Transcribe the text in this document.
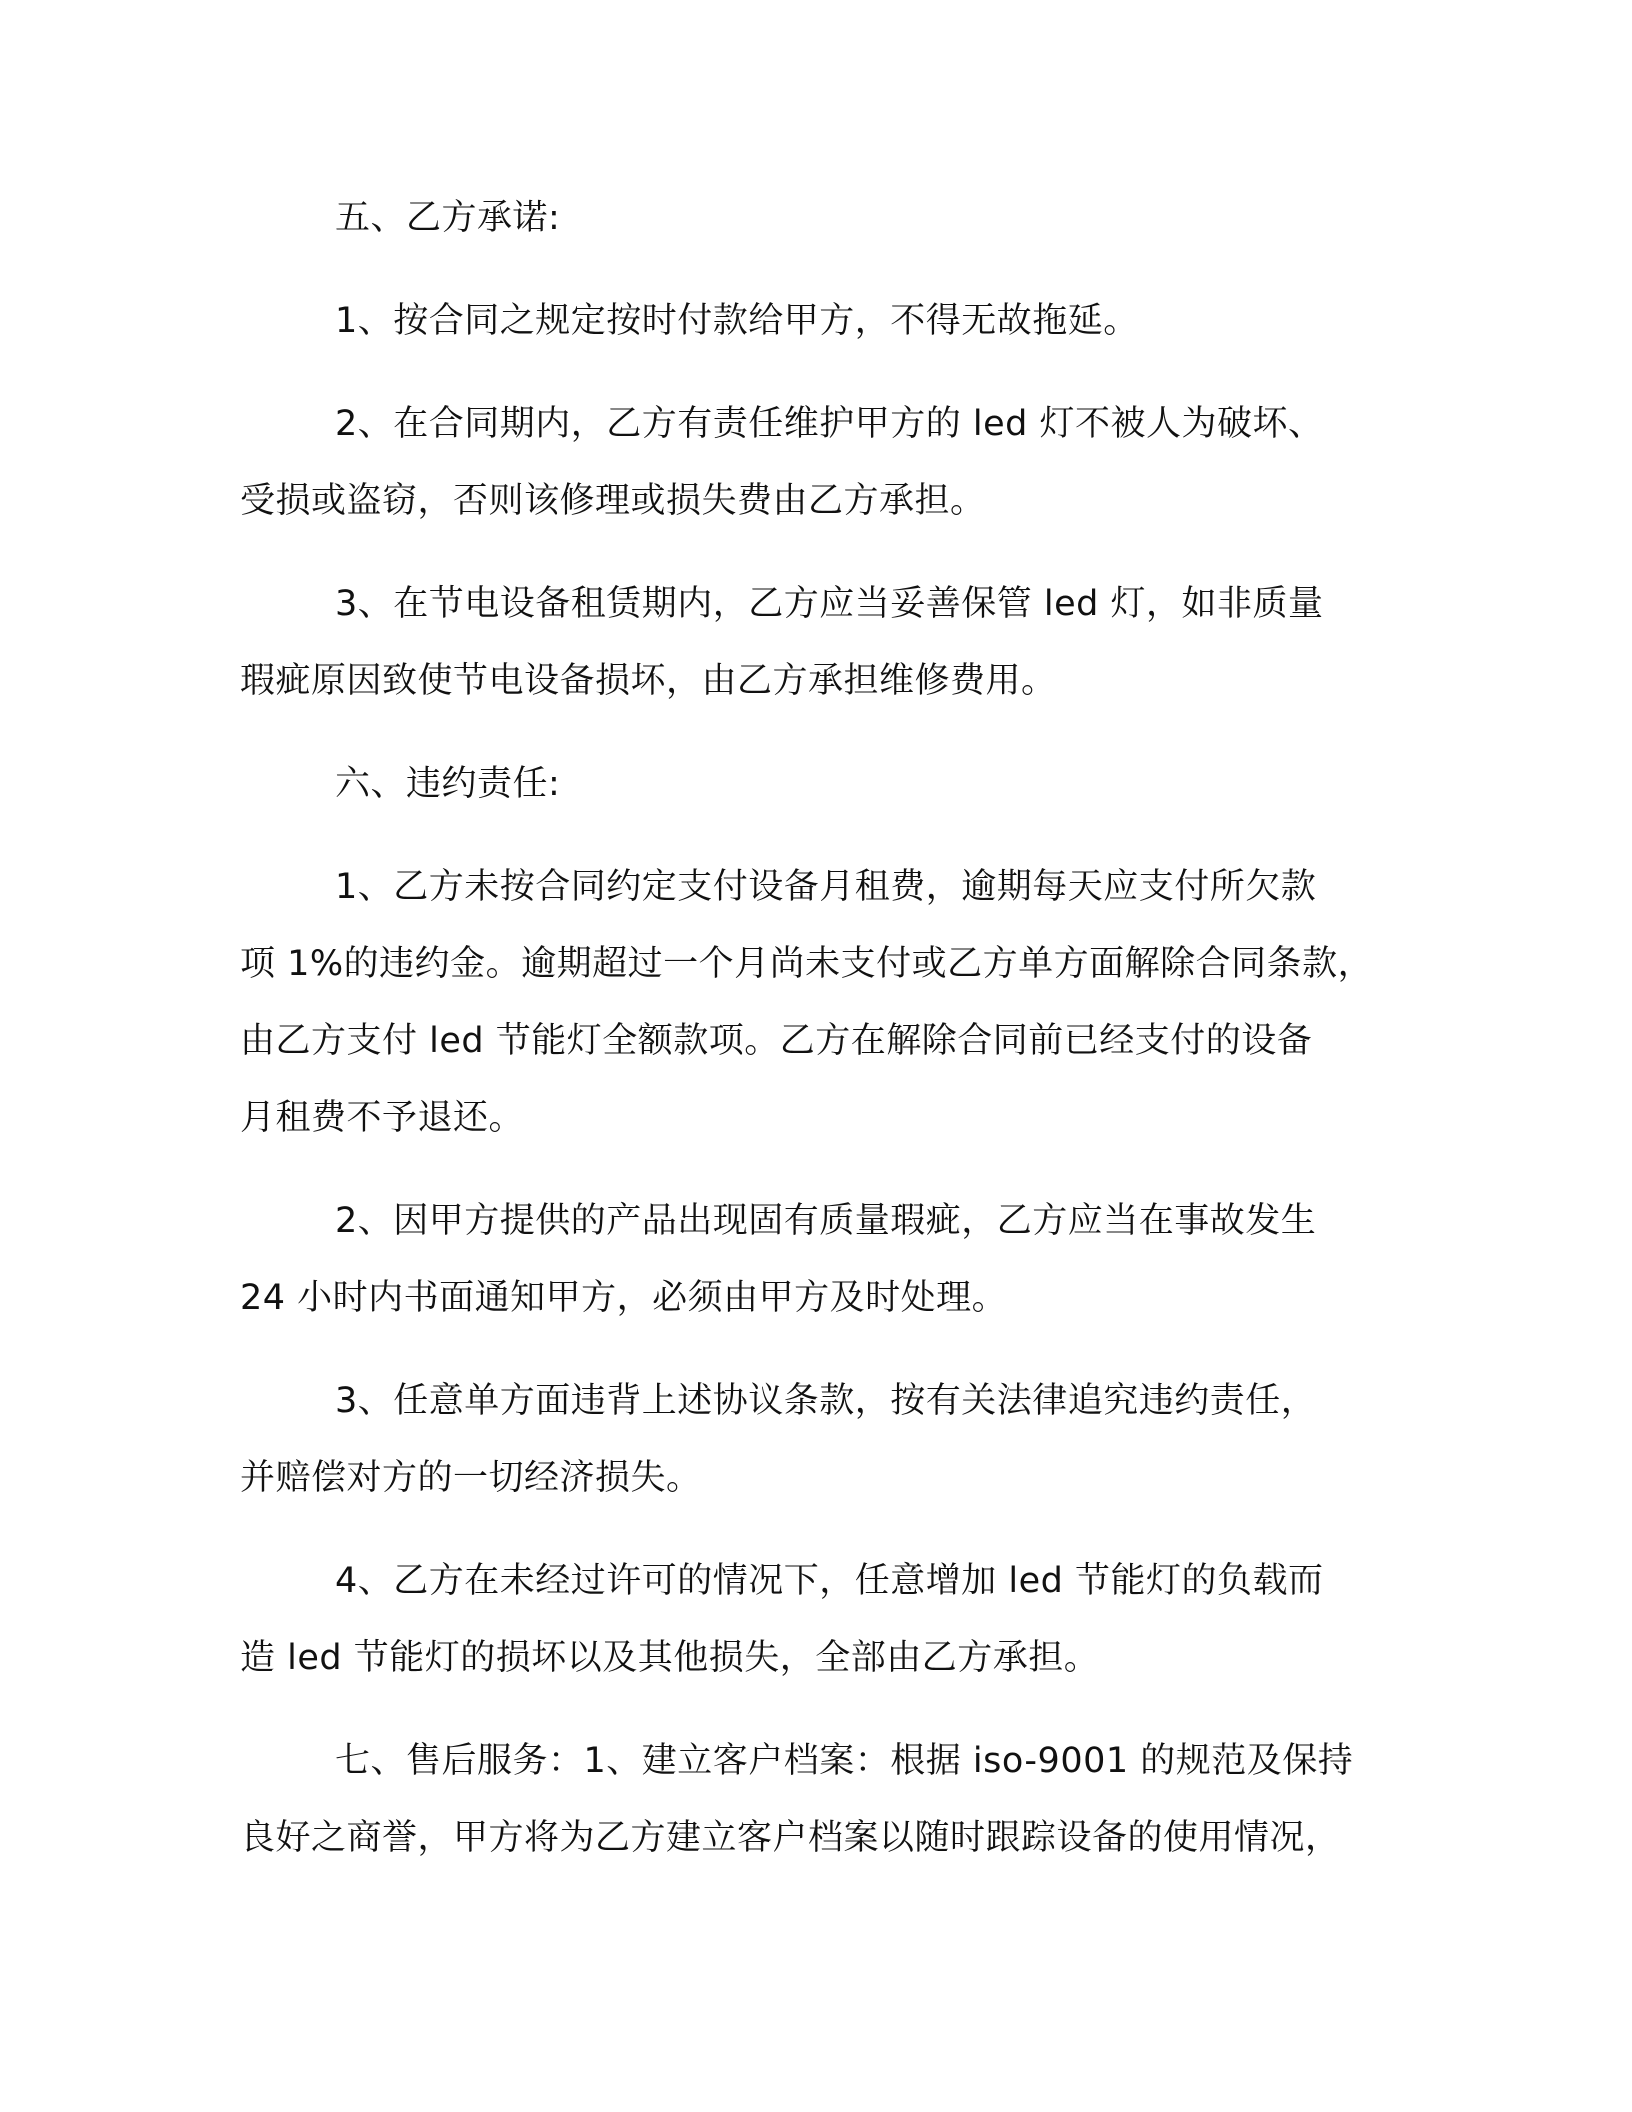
五、乙方承诺:
1、按合同之规定按时付款给甲方，不得无故拖延。
2、在合同期内，乙方有责任维护甲方的 led 灯不被人为破坏、
受损或盗窃，否则该修理或损失费由乙方承担。
3、在节电设备租赁期内，乙方应当妥善保管 led 灯，如非质量
瑕疵原因致使节电设备损坏，由乙方承担维修费用。
六、违约责任:
1、乙方未按合同约定支付设备月租费，逾期每天应支付所欠款
项 1%的违约金。逾期超过一个月尚未支付或乙方单方面解除合同条款，
由乙方支付 led 节能灯全额款项。乙方在解除合同前已经支付的设备
月租费不予退还。
2、因甲方提供的产品出现固有质量瑕疵，乙方应当在事故发生
24 小时内书面通知甲方，必须由甲方及时处理。
3、任意单方面违背上述协议条款，按有关法律追究违约责任，
并赔偿对方的一切经济损失。
4、乙方在未经过许可的情况下，任意增加 led 节能灯的负载而
造 led 节能灯的损坏以及其他损失，全部由乙方承担。
七、售后服务：1、建立客户档案：根据 iso-9001 的规范及保持
良好之商誉，甲方将为乙方建立客户档案以随时跟踪设备的使用情况，
